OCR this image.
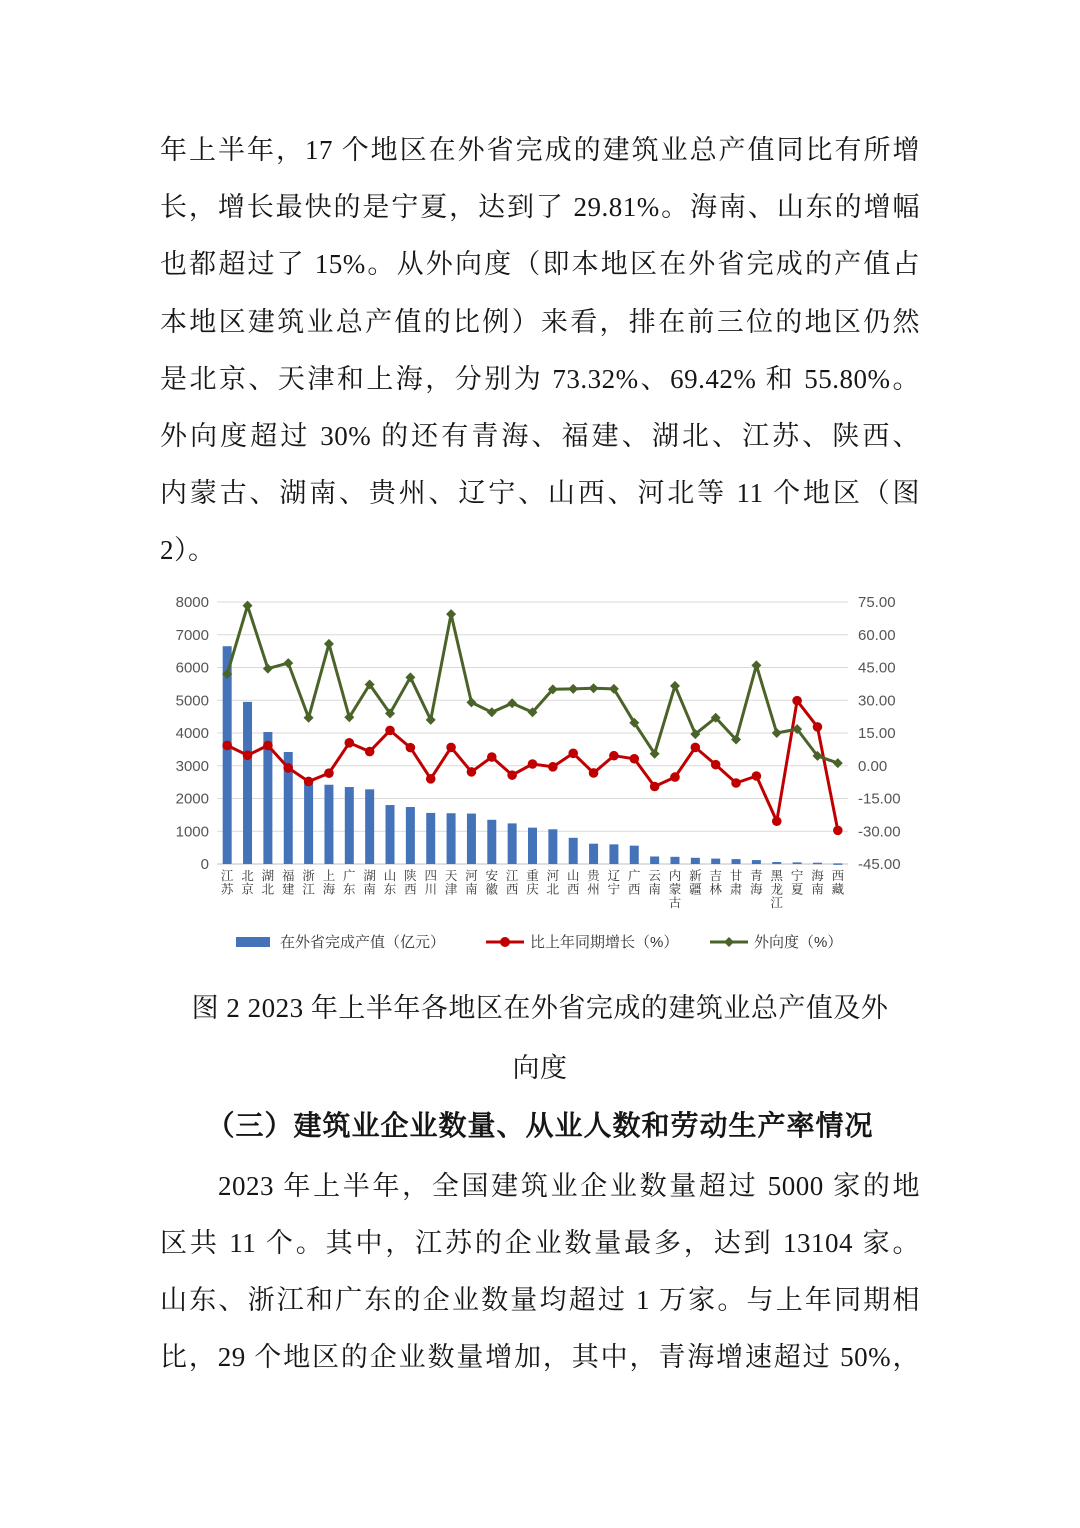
年上半年，17 个地区在外省完成的建筑业总产值同比有所增
长，增长最快的是宁夏，达到了 29.81%。海南、山东的增幅
也都超过了 15%。从外向度（即本地区在外省完成的产值占
本地区建筑业总产值的比例）来看，排在前三位的地区仍然
是北京、天津和上海，分别为 73.32%、69.42% 和 55.80%。
外向度超过 30% 的还有青海、福建、湖北、江苏、陕西、
内蒙古、湖南、贵州、辽宁、山西、河北等 11 个地区（图
2）。
8000	75.00
7000	60.00
6000	45.00
5000	30.00
4000	15.00
3000	0.00
2000	-15.00
1000	-30.00
0	-45.00
江苏
北京
湖北
福建
浙江
上海
广东
湖南
山东
陕西
四川
天津
河南
安徽
江西
重庆
河北
山西
贵州
辽宁
广西
云南
内蒙古
新疆
吉林
甘肃
青海
黑龙江
宁夏
海南
西藏
在外省完成产值（亿元）	比上年同期增长（%）	外向度（%）
图 2 2023 年上半年各地区在外省完成的建筑业总产值及外
向度
（三）建筑业企业数量、从业人数和劳动生产率情况
2023 年上半年，全国建筑业企业数量超过 5000 家的地
区共 11 个。其中，江苏的企业数量最多，达到 13104 家。
山东、浙江和广东的企业数量均超过 1 万家。与上年同期相
比，29 个地区的企业数量增加，其中，青海增速超过 50%，
